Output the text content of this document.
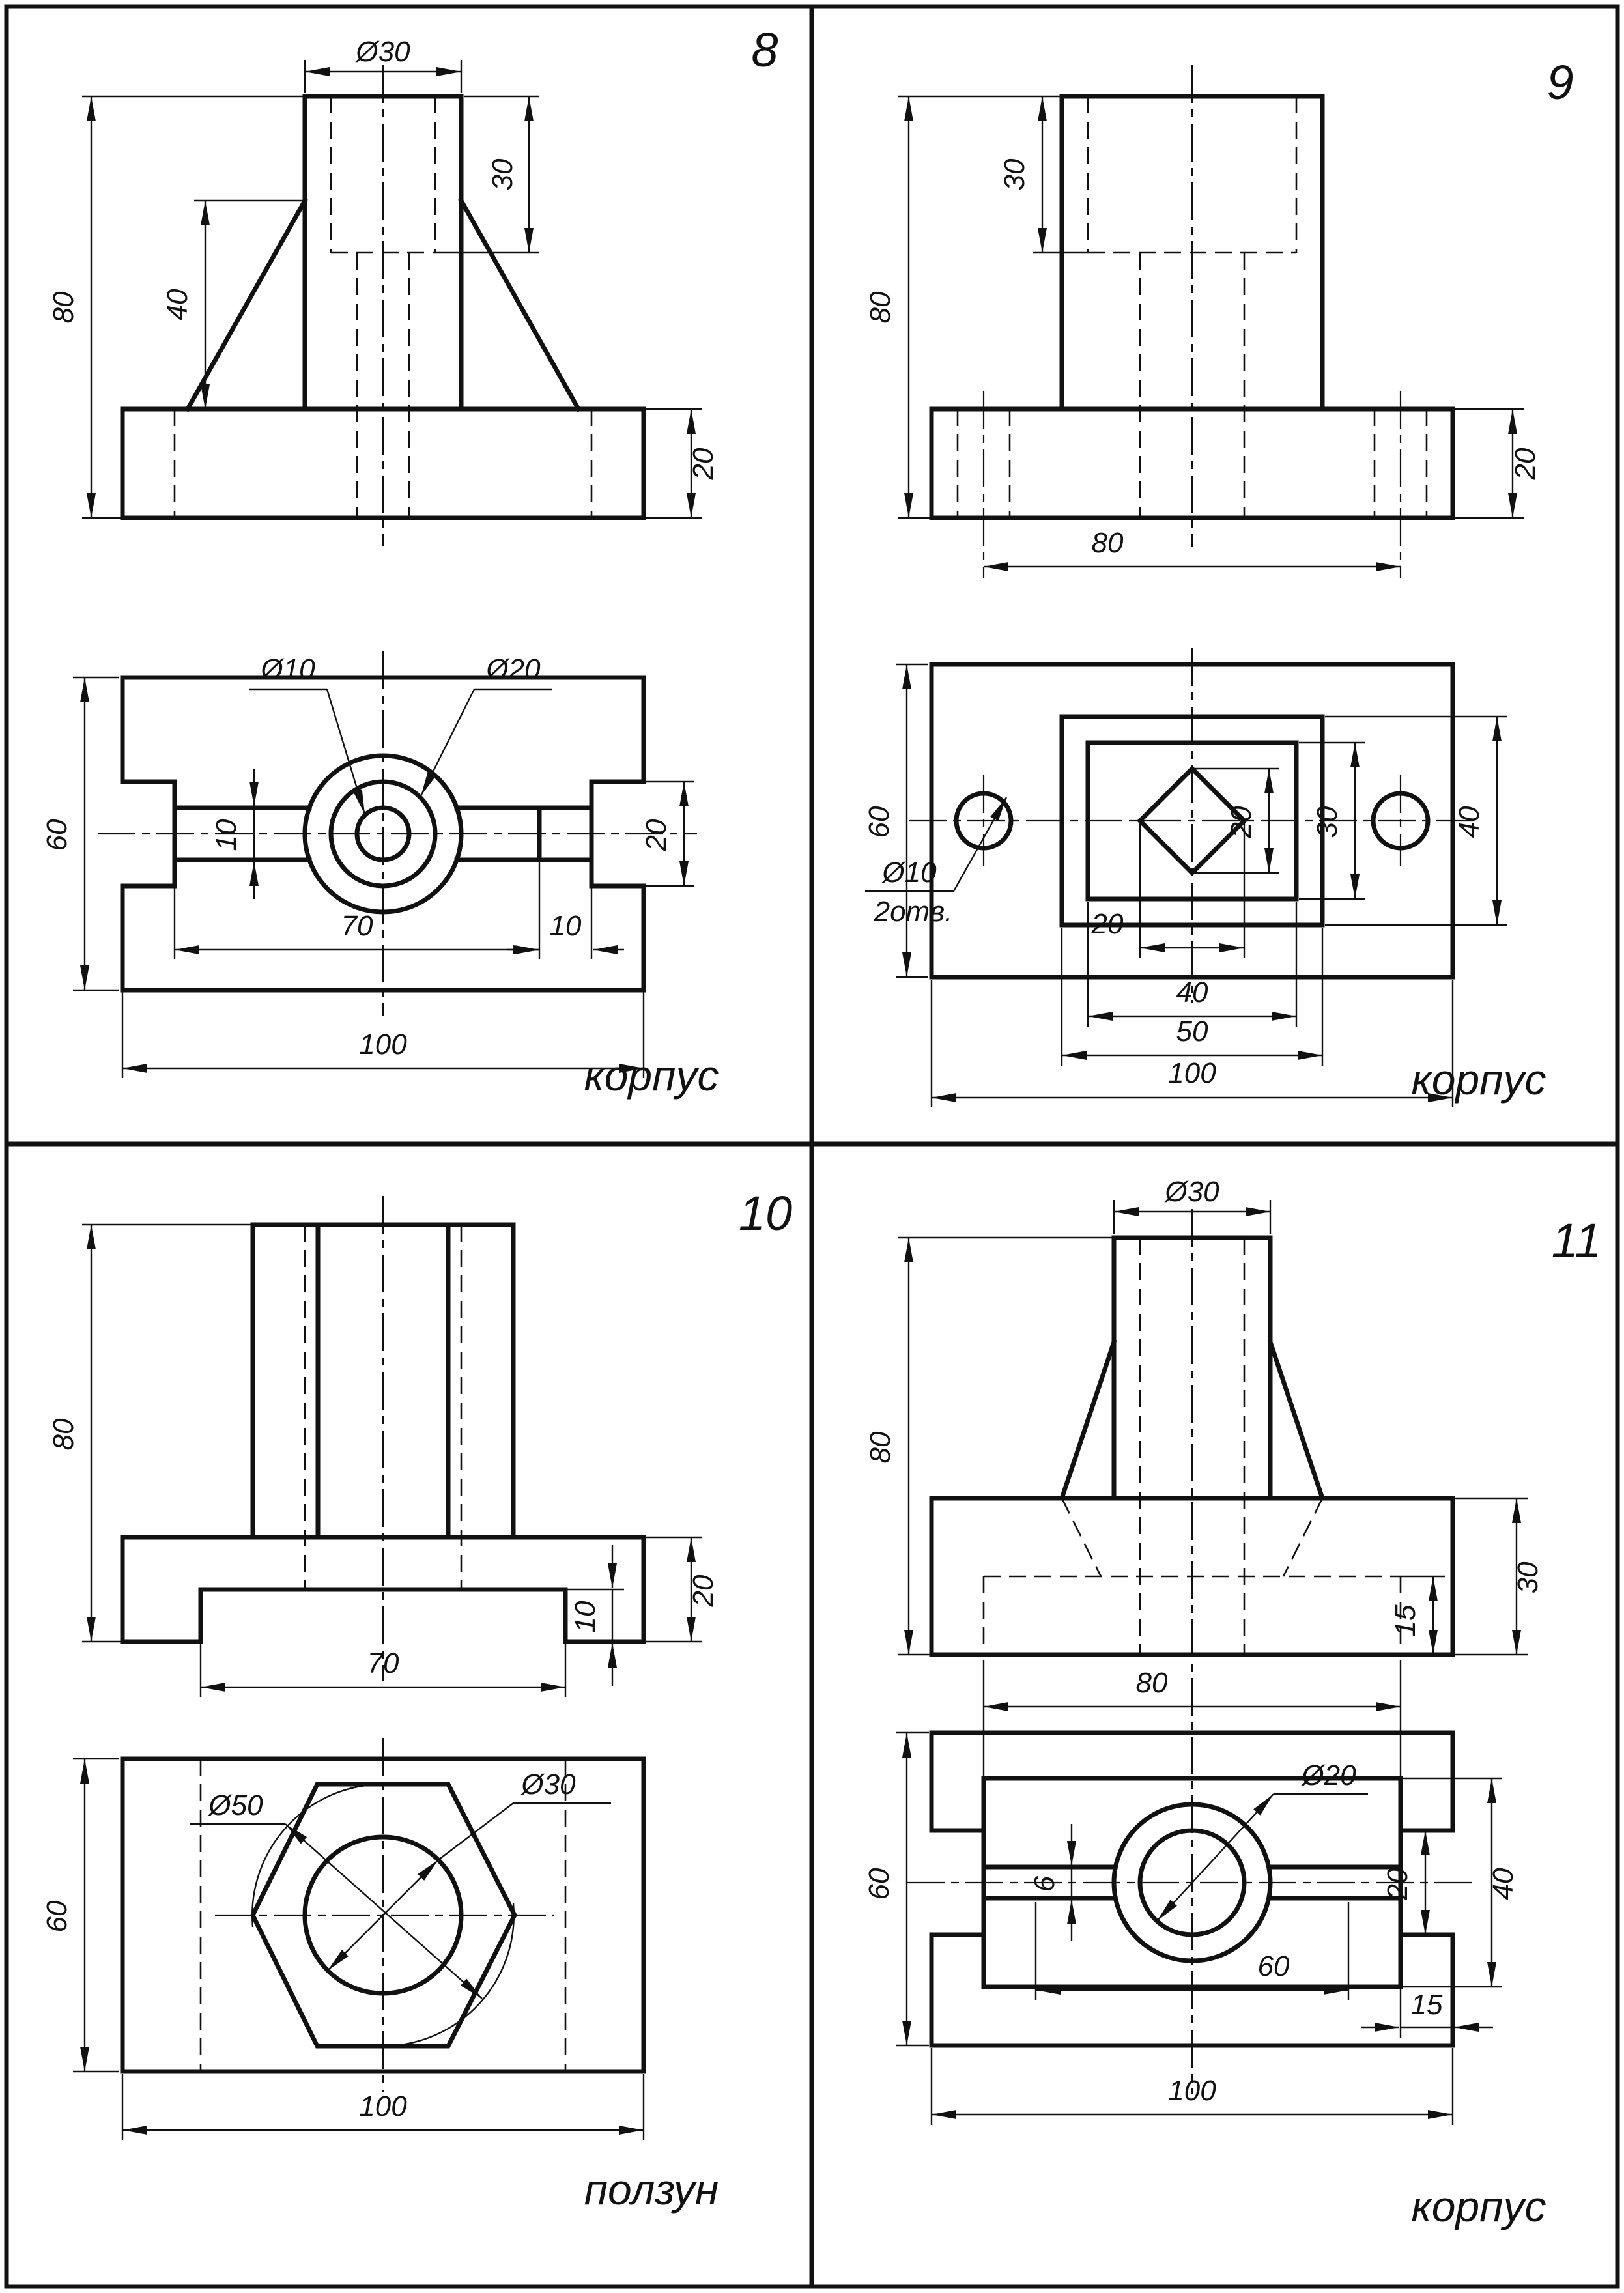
8
Ø30
30
80	40
20
10	20
Ø10	Ø20
70	10
100
60
корпус
9
80
30
20
80
60	20
20
30	40
40
50
100
Ø10
2отв.
корпус
10
80
20
10
70
Ø50
Ø30
60
100
ползун
11
Ø30
80
30
15
80
6
Ø20
20	40
60
15
60
100
корпус
